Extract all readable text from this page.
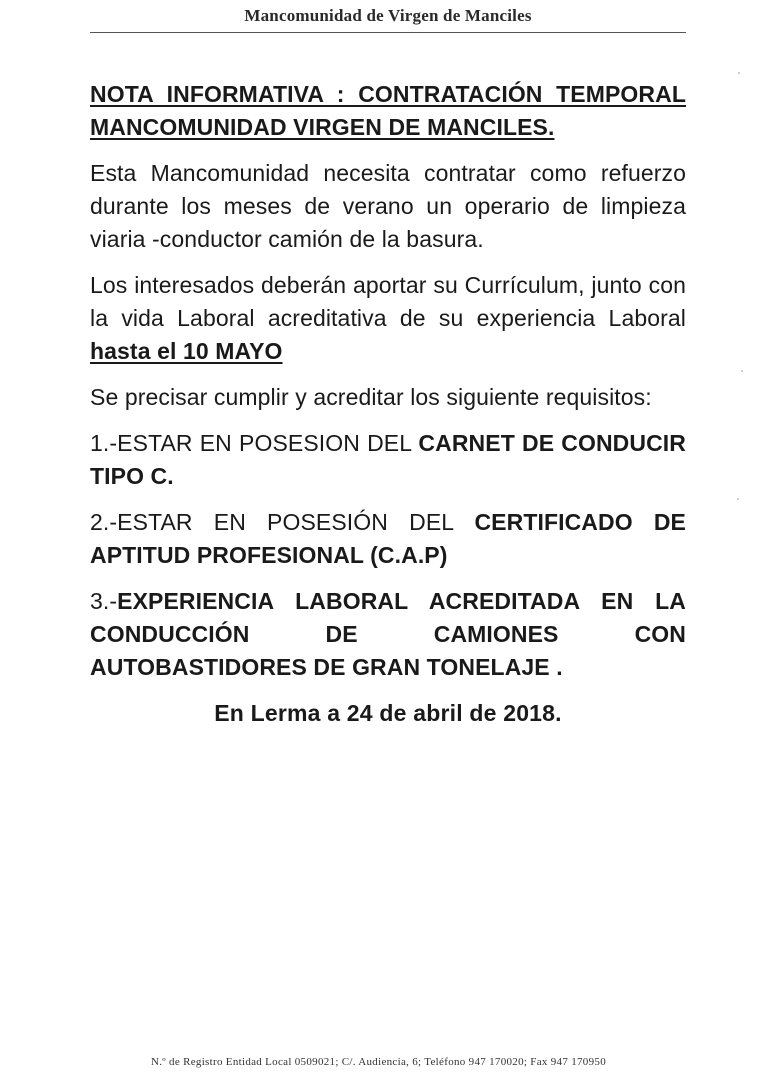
Mancomunidad de Virgen de Manciles
NOTA INFORMATIVA : CONTRATACIÓN TEMPORAL MANCOMUNIDAD VIRGEN DE MANCILES.
Esta Mancomunidad necesita contratar como refuerzo durante los meses de verano un operario de limpieza viaria -conductor camión de la basura.
Los interesados deberán aportar su Currículum, junto con la vida Laboral acreditativa de su experiencia Laboral hasta el 10 MAYO
Se precisar cumplir y acreditar los siguiente requisitos:
1.-ESTAR EN POSESION DEL CARNET DE CONDUCIR TIPO C.
2.-ESTAR EN POSESIÓN DEL CERTIFICADO DE APTITUD PROFESIONAL (C.A.P)
3.-EXPERIENCIA LABORAL ACREDITADA EN LA CONDUCCIÓN DE CAMIONES CON AUTOBASTIDORES DE GRAN TONELAJE .
En Lerma a 24 de abril de 2018.
N.º de Registro Entidad Local 0509021; C/. Audiencia, 6; Teléfono 947 170020; Fax 947 170950
